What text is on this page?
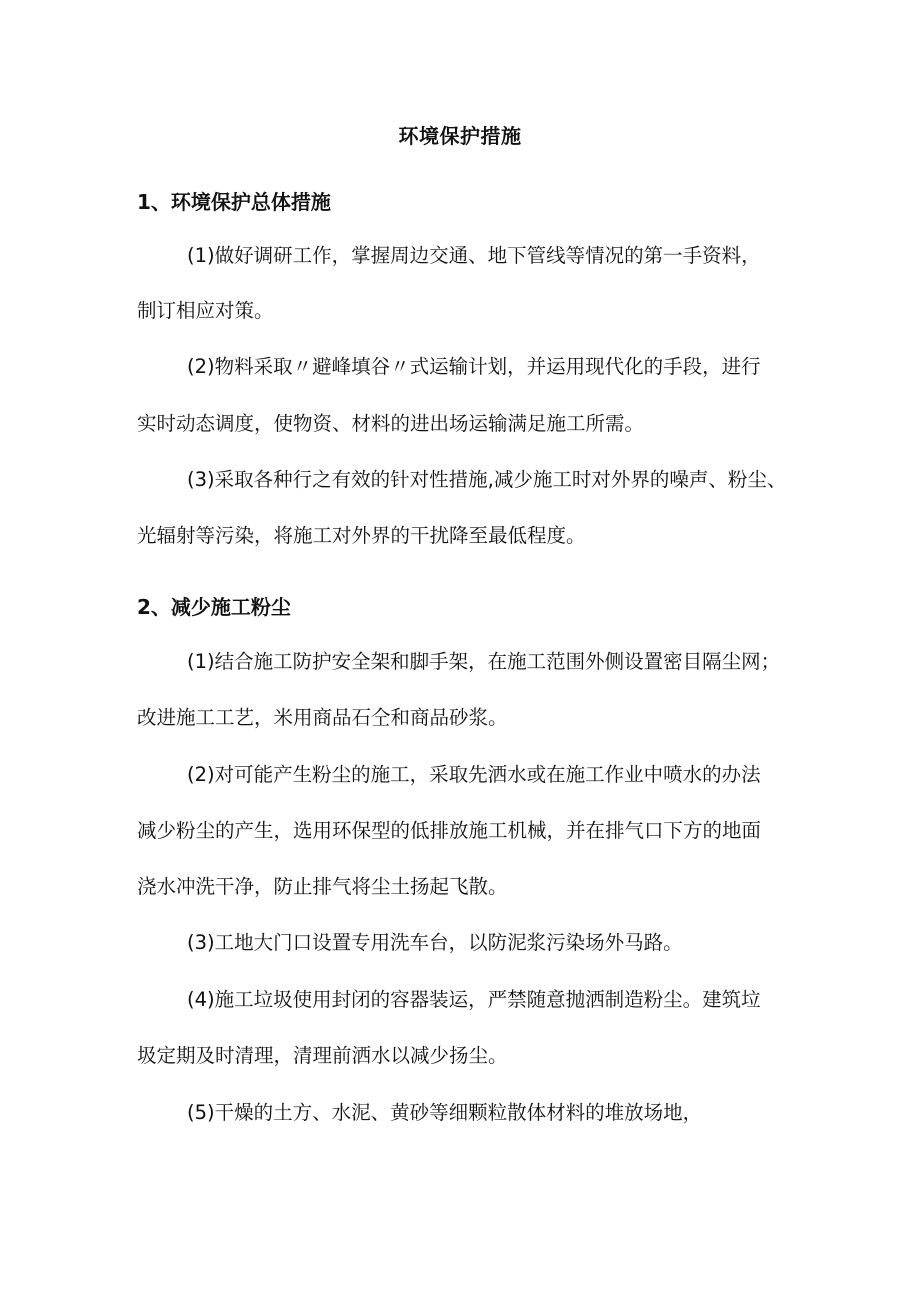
环境保护措施
1、环境保护总体措施
(1)做好调研工作，掌握周边交通、地下管线等情况的第一手资料，
制订相应对策。
(2)物料采取〃避峰填谷〃式运输计划，并运用现代化的手段，进行
实时动态调度，使物资、材料的进出场运输满足施工所需。
(3)采取各种行之有效的针对性措施,减少施工时对外界的噪声、粉尘、
光辐射等污染，将施工对外界的干扰降至最低程度。
2、减少施工粉尘
(1)结合施工防护安全架和脚手架，在施工范围外侧设置密目隔尘网；
改进施工工艺，米用商品石仝和商品砂浆。
(2)对可能产生粉尘的施工，采取先洒水或在施工作业中喷水的办法
减少粉尘的产生，选用环保型的低排放施工机械，并在排气口下方的地面
浇水冲洗干净，防止排气将尘土扬起飞散。
(3)工地大门口设置专用洗车台，以防泥浆污染场外马路。
(4)施工垃圾使用封闭的容器装运，严禁随意抛洒制造粉尘。建筑垃
圾定期及时清理，清理前洒水以减少扬尘。
(5)干燥的土方、水泥、黄砂等细颗粒散体材料的堆放场地，
